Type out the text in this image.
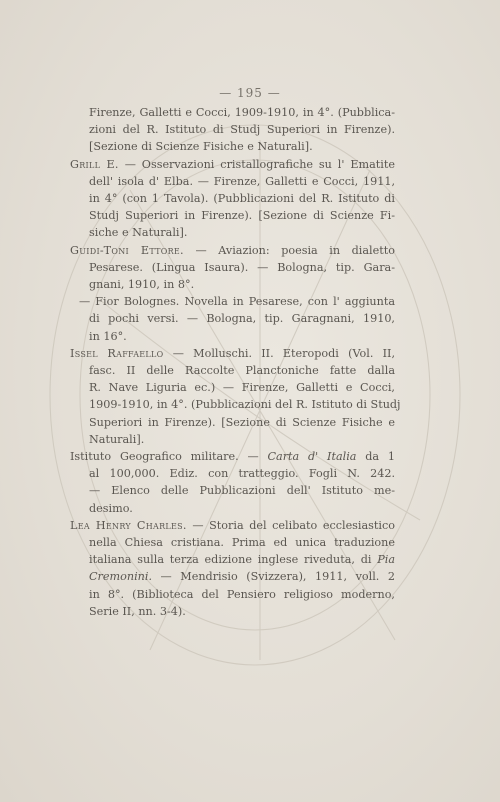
— 195 —

Firenze, Galletti e Cocci, 1909-1910, in 4°. (Pubblica-
zioni del R. Istituto di Studj Superiori in Firenze).
[Sezione di Scienze Fisiche e Naturali].

Grill E. — Osservazioni cristallografiche su l' Ematite
dell' isola d' Elba. — Firenze, Galletti e Cocci, 1911,
in 4° (con 1 Tavola). (Pubblicazioni del R. Istituto di
Studj Superiori in Firenze). [Sezione di Scienze Fi-
siche e Naturali].

Guidi-Toni Ettore. — Aviazion: poesia in dialetto
Pesarese. (Lingua Isaura). — Bologna, tip. Gara-
gnani, 1910, in 8°.

— Fior Bolognes. Novella in Pesarese, con l' aggiunta
di pochi versi. — Bologna, tip. Garagnani, 1910,
in 16°.

Issel Raffaello — Molluschi. II. Eteropodi (Vol. II,
fasc. II delle Raccolte Planctoniche fatte dalla
R. Nave Liguria ec.) — Firenze, Galletti e Cocci,
1909-1910, in 4°. (Pubblicazioni del R. Istituto di Studj
Superiori in Firenze). [Sezione di Scienze Fisiche e
Naturali].

Istituto Geografico militare. — Carta d' Italia da 1
al 100,000. Ediz. con tratteggio. Fogli N. 242.
— Elenco delle Pubblicazioni dell' Istituto me-
desimo.

Lea Henry Charles. — Storia del celibato ecclesiastico
nella Chiesa cristiana. Prima ed unica traduzione
italiana sulla terza edizione inglese riveduta, di Pia
Cremonini. — Mendrisio (Svizzera), 1911, voll. 2
in 8°. (Biblioteca del Pensiero religioso moderno,
Serie II, nn. 3-4).
